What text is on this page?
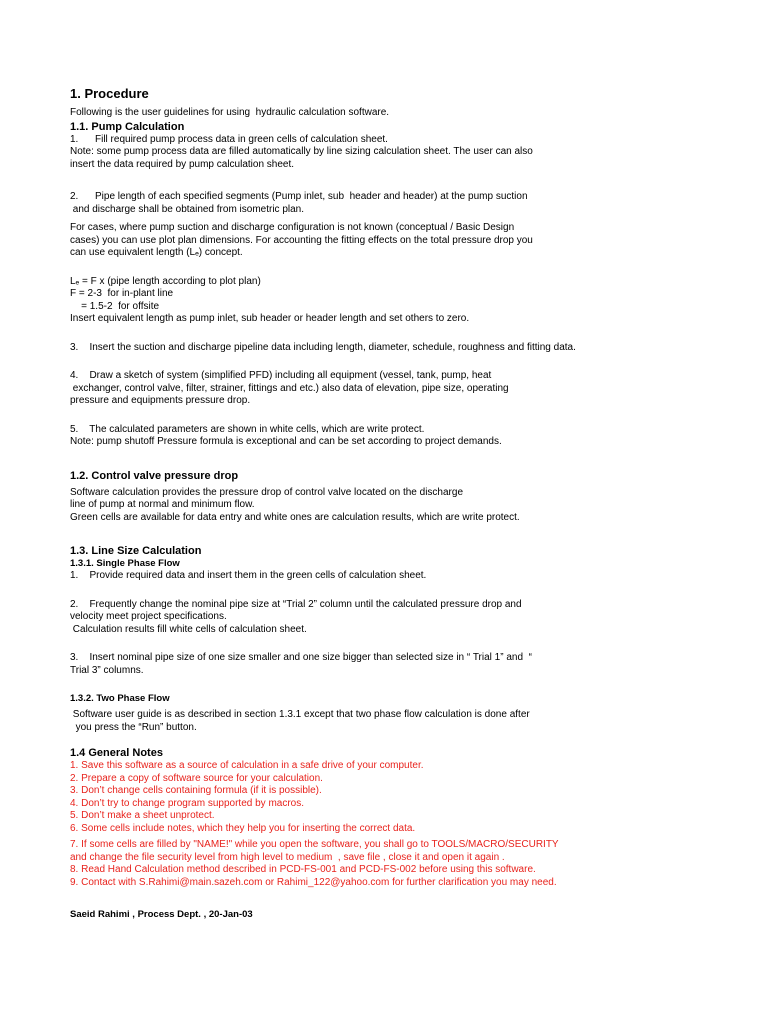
1. Procedure

Following is the user guidelines for using  hydraulic calculation software.

1.1. Pump Calculation

1.      Fill required pump process data in green cells of calculation sheet.

Note: some pump process data are filled automatically by line sizing calculation sheet. The user can also

insert the data required by pump calculation sheet.

2.      Pipe length of each specified segments (Pump inlet, sub  header and header) at the pump suction

and discharge shall be obtained from isometric plan.

For cases, where pump suction and discharge configuration is not known (conceptual / Basic Design

cases) you can use plot plan dimensions. For accounting the fitting effects on the total pressure drop you

can use equivalent length (Lₑ) concept.

Lₑ = F x (pipe length according to plot plan)

F = 2-3  for in-plant line

= 1.5-2  for offsite

Insert equivalent length as pump inlet, sub header or header length and set others to zero.

3.    Insert the suction and discharge pipeline data including length, diameter, schedule, roughness and fitting data.

4.    Draw a sketch of system (simplified PFD) including all equipment (vessel, tank, pump, heat

exchanger, control valve, filter, strainer, fittings and etc.) also data of elevation, pipe size, operating

pressure and equipments pressure drop.

5.    The calculated parameters are shown in white cells, which are write protect.

Note: pump shutoff Pressure formula is exceptional and can be set according to project demands.

1.2. Control valve pressure drop

Software calculation provides the pressure drop of control valve located on the discharge

line of pump at normal and minimum flow.

Green cells are available for data entry and white ones are calculation results, which are write protect.

1.3. Line Size Calculation
1.3.1. Single Phase Flow

1.    Provide required data and insert them in the green cells of calculation sheet.

2.    Frequently change the nominal pipe size at “Trial 2” column until the calculated pressure drop and

velocity meet project specifications.

Calculation results fill white cells of calculation sheet.

3.    Insert nominal pipe size of one size smaller and one size bigger than selected size in “ Trial 1” and  “

Trial 3” columns.

1.3.2. Two Phase Flow

Software user guide is as described in section 1.3.1 except that two phase flow calculation is done after

you press the “Run” button.

1.4 General Notes

1. Save this software as a source of calculation in a safe drive of your computer.

2. Prepare a copy of software source for your calculation.

3. Don’t change cells containing formula (if it is possible).

4. Don’t try to change program supported by macros.

5. Don’t make a sheet unprotect.

6. Some cells include notes, which they help you for inserting the correct data.

7. If some cells are filled by "NAME!" while you open the software, you shall go to TOOLS/MACRO/SECURITY

and change the file security level from high level to medium  , save file , close it and open it again .

8. Read Hand Calculation method described in PCD-FS-001 and PCD-FS-002 before using this software.

9. Contact with S.Rahimi@main.sazeh.com or Rahimi_122@yahoo.com for further clarification you may need.

Saeid Rahimi , Process Dept. , 20-Jan-03
